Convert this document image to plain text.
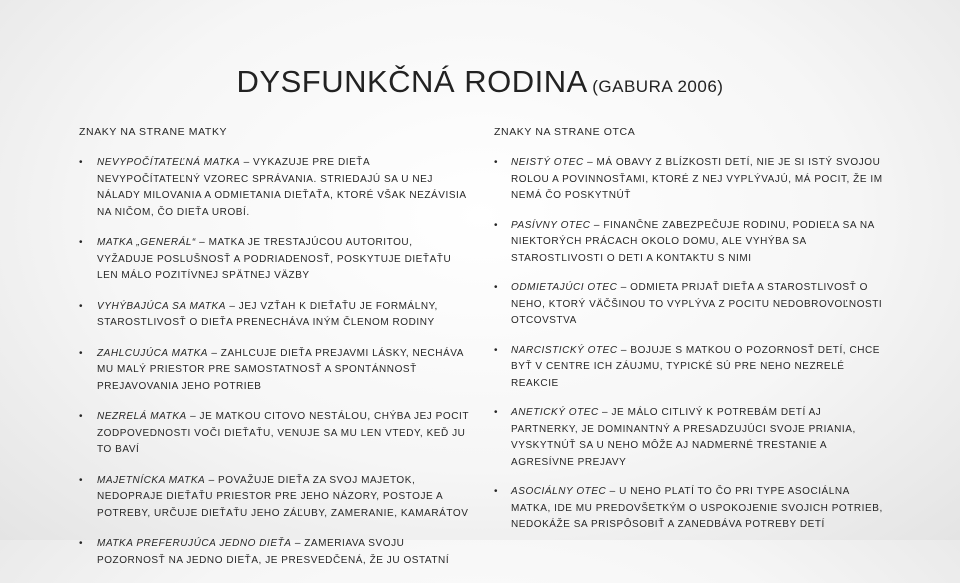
DYSFUNKČNÁ RODINA (GABURA 2006)
ZNAKY NA STRANE MATKY
• NEVYPOČÍTATEĽNÁ MATKA – VYKAZUJE PRE DIEŤA NEVYPOČÍTATEĽNÝ VZOREC SPRÁVANIA. STRIEDAJÚ SA U NEJ NÁLADY MILOVANIA A ODMIETANIA DIEŤAŤA, KTORÉ VŠAK NEZÁVISIA NA NIČOM, ČO DIEŤA UROBÍ.
• MATKA „GENERÁL“ – MATKA JE TRESTAJÚCOU AUTORITOU, VYŽADUJE POSLUŠNOSŤ A PODRIADENOSŤ, POSKYTUJE DIEŤAŤU LEN MÁLO POZITÍVNEJ SPÄTNEJ VÄZBY
• VYHÝBAJÚCA SA MATKA – JEJ VZŤAH K DIEŤAŤU JE FORMÁLNY, STAROSTLIVOSŤ O DIEŤA PRENECHÁVA INÝM ČLENOM RODINY
• ZAHLCUJÚCA MATKA – ZAHLCUJE DIEŤA PREJAVMI LÁSKY, NECHÁVA MU MALÝ PRIESTOR PRE SAMOSTATNOSŤ A SPONTÁNNOSŤ PREJAVOVANIA JEHO POTRIEB
• NEZRELÁ MATKA – JE MATKOU CITOVO NESTÁLOU, CHÝBA JEJ POCIT ZODPOVEDNOSTI VOČI DIEŤAŤU, VENUJE SA MU LEN VTEDY, KEĎ JU TO BAVÍ
• MAJETNÍCKA MATKA – POVAŽUJE DIEŤA ZA SVOJ MAJETOK, NEDOPRAJE DIEŤAŤU PRIESTOR PRE JEHO NÁZORY, POSTOJE A POTREBY, URČUJE DIEŤAŤU JEHO ZÁĽUBY, ZAMERANIE, KAMARÁTOV
• MATKA PREFERUJÚCA JEDNO DIEŤA – ZAMERIAVA SVOJU POZORNOSŤ NA JEDNO DIEŤA, JE PRESVEDČENÁ, ŽE JU OSTATNÍ
ZNAKY NA STRANE OTCA
• NEISTÝ OTEC – MÁ OBAVY Z BLÍZKOSTI DETÍ, NIE JE SI ISTÝ SVOJOU ROLOU A POVINNOSŤAMI, KTORÉ Z NEJ VYPLÝVAJÚ, MÁ POCIT, ŽE IM NEMÁ ČO POSKYTNÚŤ
• PASÍVNY OTEC – FINANČNE ZABEZPEČUJE RODINU, PODIEĽA SA NA NIEKTORÝCH PRÁCACH OKOLO DOMU, ALE VYHÝBA SA STAROSTLIVOSTI O DETI A KONTAKTU S NIMI
• ODMIETAJÚCI OTEC – ODMIETA PRIJAŤ DIEŤA A STAROSTLIVOSŤ O NEHO, KTORÝ VÄČŠINOU TO VYPLÝVA Z POCITU NEDOBROVOĽNOSTI OTCOVSTVA
• NARCISTICKÝ OTEC – BOJUJE S MATKOU O POZORNOSŤ DETÍ, CHCE BYŤ V CENTRE ICH ZÁUJMU, TYPICKÉ SÚ PRE NEHO NEZRELÉ REAKCIE
• ANETICKÝ OTEC – JE MÁLO CITLIVÝ K POTREBÁM DETÍ AJ PARTNERKY, JE DOMINANTNÝ A PRESADZUJÚCI SVOJE PRIANIA, VYSKYTNÚŤ SA U NEHO MÔŽE AJ NADMERNÉ TRESTANIE A AGRESÍVNE PREJAVY
• ASOCIÁLNY OTEC – U NEHO PLATÍ TO ČO PRI TYPE ASOCIÁLNA MATKA, IDE MU PREDOVŠETKÝM O USPOKOJENIE SVOJICH POTRIEB, NEDOKÁŽE SA PRISPÔSOBIŤ A ZANEDBÁVA POTREBY DETÍ
